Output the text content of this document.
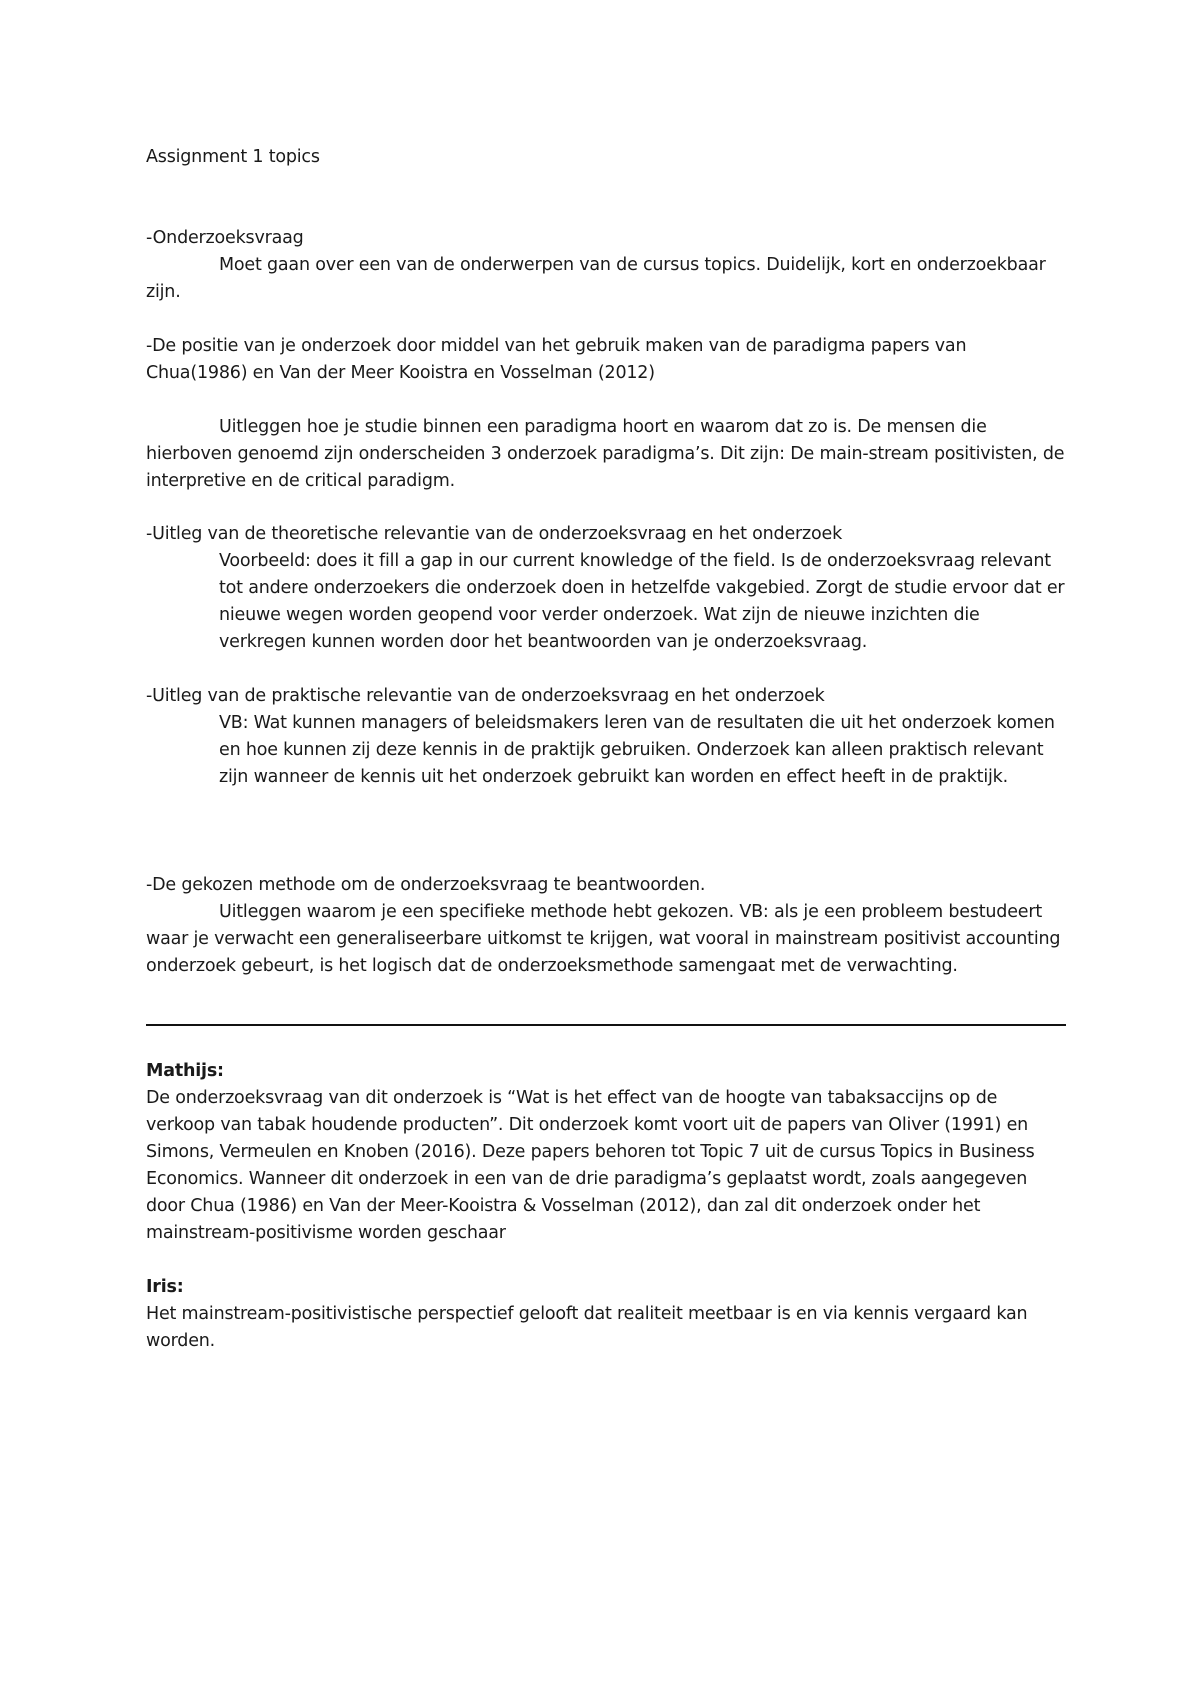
Assignment 1 topics

-Onderzoeksvraag

Moet gaan over een van de onderwerpen van de cursus topics. Duidelijk, kort en onderzoekbaar zijn.

-De positie van je onderzoek door middel van het gebruik maken van de paradigma papers van Chua(1986) en Van der Meer Kooistra en Vosselman (2012)

Uitleggen hoe je studie binnen een paradigma hoort en waarom dat zo is. De mensen die hierboven genoemd zijn onderscheiden 3 onderzoek paradigma’s. Dit zijn: De main-stream positivisten, de interpretive en de critical paradigm.

-Uitleg van de theoretische relevantie van de onderzoeksvraag en het onderzoek

Voorbeeld: does it fill a gap in our current knowledge of the field. Is de onderzoeksvraag relevant tot andere onderzoekers die onderzoek doen in hetzelfde vakgebied. Zorgt de studie ervoor dat er nieuwe wegen worden geopend voor verder onderzoek. Wat zijn de nieuwe inzichten die verkregen kunnen worden door het beantwoorden van je onderzoeksvraag.

-Uitleg van de praktische relevantie van de onderzoeksvraag en het onderzoek

VB: Wat kunnen managers of beleidsmakers leren van de resultaten die uit het onderzoek komen en hoe kunnen zij deze kennis in de praktijk gebruiken. Onderzoek kan alleen praktisch relevant zijn wanneer de kennis uit het onderzoek gebruikt kan worden en effect heeft in de praktijk.

-De gekozen methode om de onderzoeksvraag te beantwoorden.

Uitleggen waarom je een specifieke methode hebt gekozen. VB: als je een probleem bestudeert waar je verwacht een generaliseerbare uitkomst te krijgen, wat vooral in mainstream positivist accounting onderzoek gebeurt, is het logisch dat de onderzoeksmethode samengaat met de verwachting.

Mathijs:

De onderzoeksvraag van dit onderzoek is “Wat is het effect van de hoogte van tabaksaccijns op de verkoop van tabak houdende producten”. Dit onderzoek komt voort uit de papers van Oliver (1991) en Simons, Vermeulen en Knoben (2016). Deze papers behoren tot Topic 7 uit de cursus Topics in Business Economics. Wanneer dit onderzoek in een van de drie paradigma’s geplaatst wordt, zoals aangegeven door Chua (1986) en Van der Meer-Kooistra & Vosselman (2012), dan zal dit onderzoek onder het mainstream-positivisme worden geschaar

Iris:

Het mainstream-positivistische perspectief gelooft dat realiteit meetbaar is en via kennis vergaard kan worden.
